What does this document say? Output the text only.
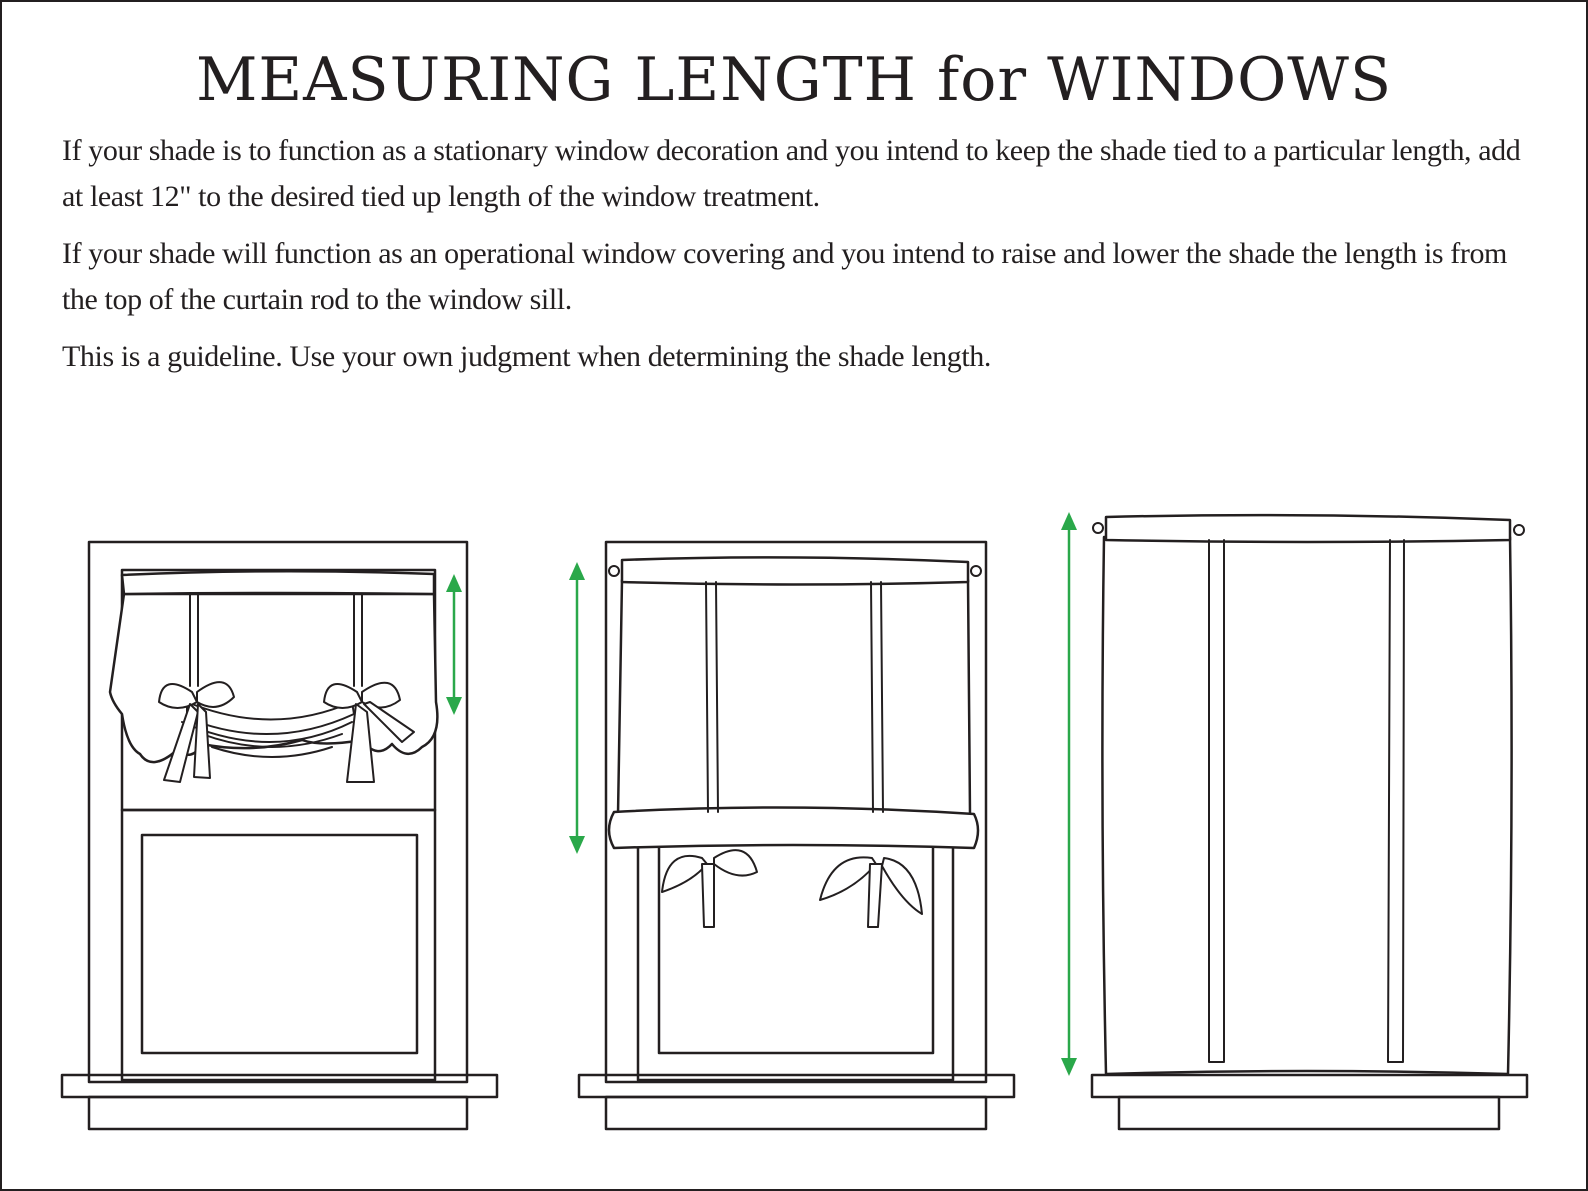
MEASURING LENGTH for WINDOWS

If your shade is to function as a stationary window decoration and you intend to keep the shade tied to a particular length, add at least 12" to the desired tied up length of the window treatment.

If your shade will function as an operational window covering and you intend to raise and lower the shade the length is from the top of the curtain rod to the window sill.

This is a guideline. Use your own judgment when determining the shade length.
